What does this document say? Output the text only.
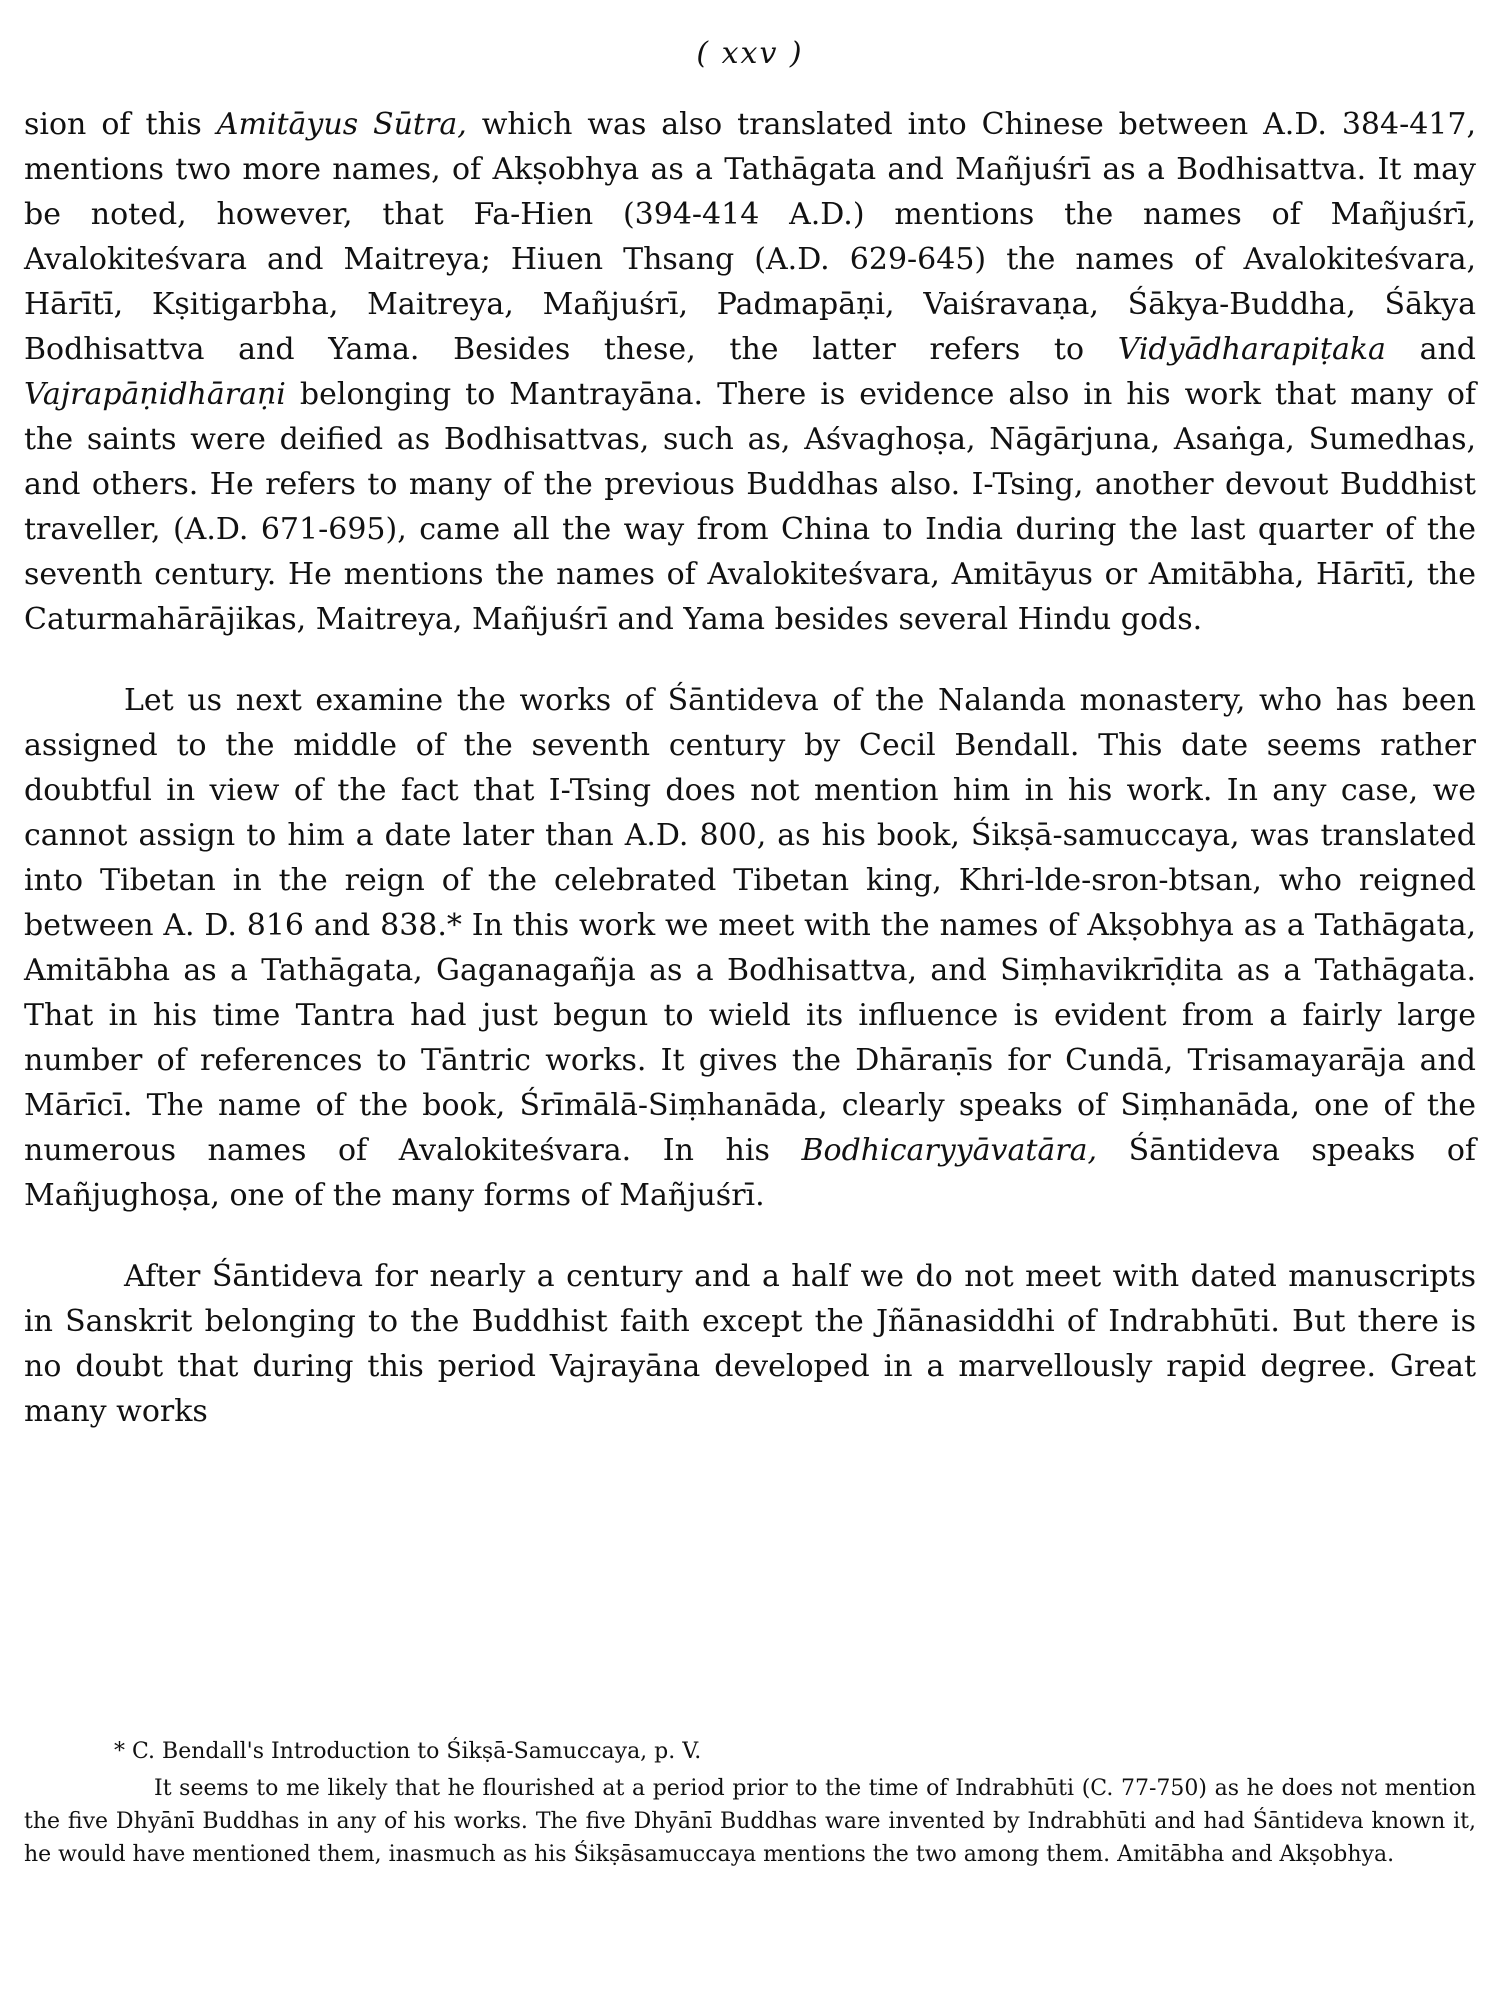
( xxv )

sion of this Amitāyus Sūtra, which was also translated into Chinese between A.D. 384-417, mentions two more names, of Akṣobhya as a Tathāgata and Mañjuśrī as a Bodhisattva. It may be noted, however, that Fa-Hien (394-414 A.D.) mentions the names of Mañjuśrī, Avalokiteśvara and Maitreya; Hiuen Thsang (A.D. 629-645) the names of Avalokiteśvara, Hārītī, Kṣitigarbha, Maitreya, Mañjuśrī, Padmapāṇi, Vaiśravaṇa, Śākya-Buddha, Śākya Bodhisattva and Yama. Besides these, the latter refers to Vidyādharapiṭaka and Vajrapāṇidhāraṇi belonging to Mantrayāna. There is evidence also in his work that many of the saints were deified as Bodhisattvas, such as, Aśvaghoṣa, Nāgārjuna, Asaṅga, Sumedhas, and others. He refers to many of the previous Buddhas also. I-Tsing, another devout Buddhist traveller, (A.D. 671-695), came all the way from China to India during the last quarter of the seventh century. He mentions the names of Avalokiteśvara, Amitāyus or Amitābha, Hārītī, the Caturmahārājikas, Maitreya, Mañjuśrī and Yama besides several Hindu gods.

Let us next examine the works of Śāntideva of the Nalanda monastery, who has been assigned to the middle of the seventh century by Cecil Bendall. This date seems rather doubtful in view of the fact that I-Tsing does not mention him in his work. In any case, we cannot assign to him a date later than A.D. 800, as his book, Śikṣā-samuccaya, was translated into Tibetan in the reign of the celebrated Tibetan king, Khri-lde-sron-btsan, who reigned between A. D. 816 and 838.* In this work we meet with the names of Akṣobhya as a Tathāgata, Amitābha as a Tathāgata, Gaganagañja as a Bodhisattva, and Siṃhavikrīḍita as a Tathāgata. That in his time Tantra had just begun to wield its influence is evident from a fairly large number of references to Tāntric works. It gives the Dhāraṇīs for Cundā, Trisamayarāja and Mārīcī. The name of the book, Śrīmālā-Siṃhanāda, clearly speaks of Siṃhanāda, one of the numerous names of Avalokiteśvara. In his Bodhicaryyāvatāra, Śāntideva speaks of Mañjughoṣa, one of the many forms of Mañjuśrī.

After Śāntideva for nearly a century and a half we do not meet with dated manuscripts in Sanskrit belonging to the Buddhist faith except the Jñānasiddhi of Indrabhūti. But there is no doubt that during this period Vajrayāna developed in a marvellously rapid degree. Great many works

* C. Bendall's Introduction to Śikṣā-Samuccaya, p. V.

It seems to me likely that he flourished at a period prior to the time of Indrabhūti (C. 77-750) as he does not mention the five Dhyānī Buddhas in any of his works. The five Dhyānī Buddhas ware invented by Indrabhūti and had Śāntideva known it, he would have mentioned them, inasmuch as his Śikṣāsamuccaya mentions the two among them. Amitābha and Akṣobhya.
